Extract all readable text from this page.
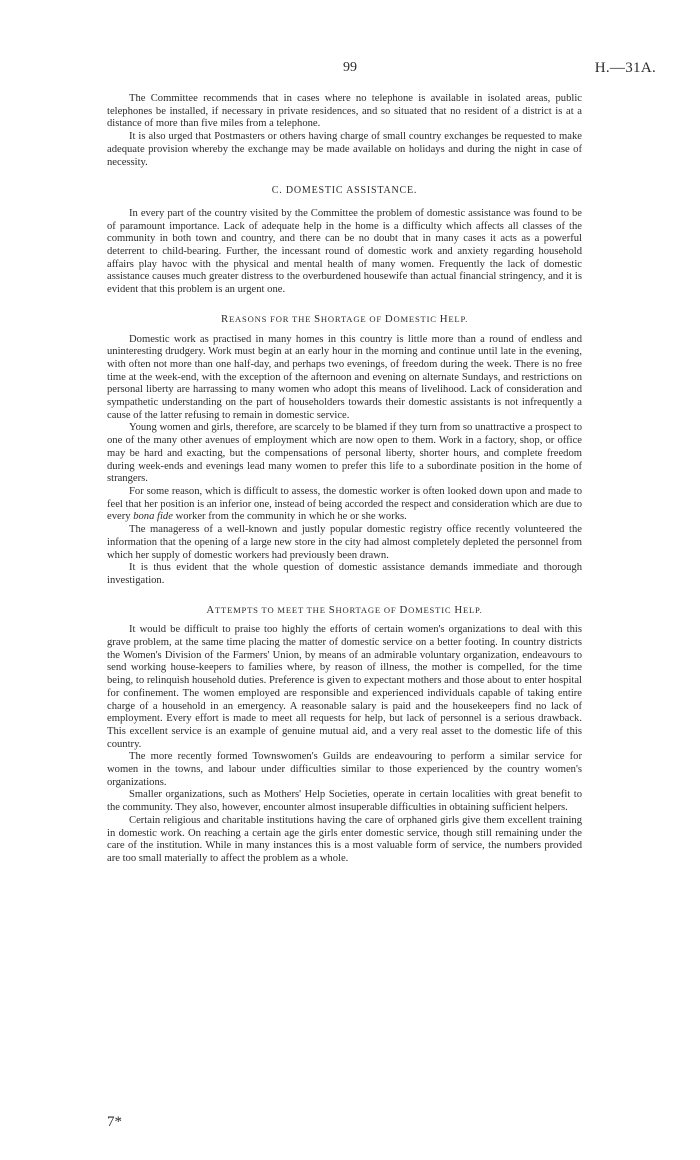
99	H.—31A.

The Committee recommends that in cases where no telephone is available in isolated areas, public telephones be installed, if necessary in private residences, and so situated that no resident of a district is at a distance of more than five miles from a telephone.

It is also urged that Postmasters or others having charge of small country exchanges be requested to make adequate provision whereby the exchange may be made available on holidays and during the night in case of necessity.

C. DOMESTIC ASSISTANCE.

In every part of the country visited by the Committee the problem of domestic assistance was found to be of paramount importance. Lack of adequate help in the home is a difficulty which affects all classes of the community in both town and country, and there can be no doubt that in many cases it acts as a powerful deterrent to child-bearing. Further, the incessant round of domestic work and anxiety regarding household affairs play havoc with the physical and mental health of many women. Frequently the lack of domestic assistance causes much greater distress to the overburdened housewife than actual financial stringency, and it is evident that this problem is an urgent one.

REASONS FOR THE SHORTAGE OF DOMESTIC HELP.

Domestic work as practised in many homes in this country is little more than a round of endless and uninteresting drudgery. Work must begin at an early hour in the morning and continue until late in the evening, with often not more than one half-day, and perhaps two evenings, of freedom during the week. There is no free time at the week-end, with the exception of the afternoon and evening on alternate Sundays, and restrictions on personal liberty are harrassing to many women who adopt this means of livelihood. Lack of consideration and sympathetic understanding on the part of householders towards their domestic assistants is not infrequently a cause of the latter refusing to remain in domestic service.

Young women and girls, therefore, are scarcely to be blamed if they turn from so unattractive a prospect to one of the many other avenues of employment which are now open to them. Work in a factory, shop, or office may be hard and exacting, but the compensations of personal liberty, shorter hours, and complete freedom during week-ends and evenings lead many women to prefer this life to a subordinate position in the home of strangers.

For some reason, which is difficult to assess, the domestic worker is often looked down upon and made to feel that her position is an inferior one, instead of being accorded the respect and consideration which are due to every bona fide worker from the community in which he or she works.

The manageress of a well-known and justly popular domestic registry office recently volunteered the information that the opening of a large new store in the city had almost completely depleted the personnel from which her supply of domestic workers had previously been drawn.

It is thus evident that the whole question of domestic assistance demands immediate and thorough investigation.

ATTEMPTS TO MEET THE SHORTAGE OF DOMESTIC HELP.

It would be difficult to praise too highly the efforts of certain women's organizations to deal with this grave problem, at the same time placing the matter of domestic service on a better footing. In country districts the Women's Division of the Farmers' Union, by means of an admirable voluntary organization, endeavours to send working house-keepers to families where, by reason of illness, the mother is compelled, for the time being, to relinquish household duties. Preference is given to expectant mothers and those about to enter hospital for confinement. The women employed are responsible and experienced individuals capable of taking entire charge of a household in an emergency. A reasonable salary is paid and the housekeepers find no lack of employment. Every effort is made to meet all requests for help, but lack of personnel is a serious drawback. This excellent service is an example of genuine mutual aid, and a very real asset to the domestic life of this country.

The more recently formed Townswomen's Guilds are endeavouring to perform a similar service for women in the towns, and labour under difficulties similar to those experienced by the country women's organizations.

Smaller organizations, such as Mothers' Help Societies, operate in certain localities with great benefit to the community. They also, however, encounter almost insuperable difficulties in obtaining sufficient helpers.

Certain religious and charitable institutions having the care of orphaned girls give them excellent training in domestic work. On reaching a certain age the girls enter domestic service, though still remaining under the care of the institution. While in many instances this is a most valuable form of service, the numbers provided are too small materially to affect the problem as a whole.

7*
